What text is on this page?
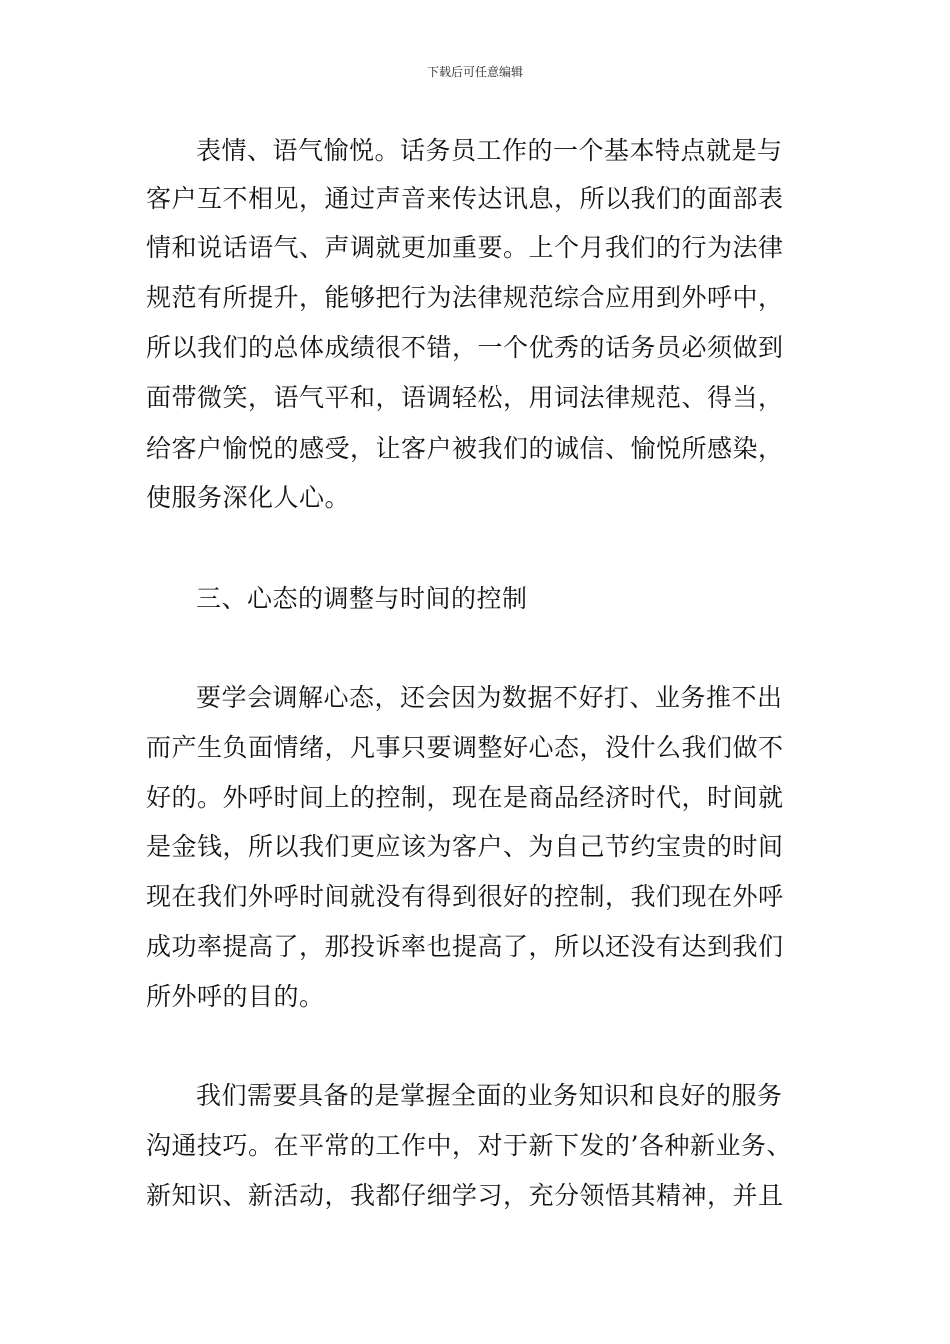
下载后可任意编辑
表情、语气愉悦。话务员工作的一个基本特点就是与
客户互不相见，通过声音来传达讯息，所以我们的面部表
情和说话语气、声调就更加重要。上个月我们的行为法律
规范有所提升，能够把行为法律规范综合应用到外呼中，
所以我们的总体成绩很不错，一个优秀的话务员必须做到
面带微笑，语气平和，语调轻松，用词法律规范、得当，
给客户愉悦的感受，让客户被我们的诚信、愉悦所感染，
使服务深化人心。
三、心态的调整与时间的控制
要学会调解心态，还会因为数据不好打、业务推不出
而产生负面情绪，凡事只要调整好心态，没什么我们做不
好的。外呼时间上的控制，现在是商品经济时代，时间就
是金钱，所以我们更应该为客户、为自己节约宝贵的时间
现在我们外呼时间就没有得到很好的控制，我们现在外呼
成功率提高了，那投诉率也提高了，所以还没有达到我们
所外呼的目的。
我们需要具备的是掌握全面的业务知识和良好的服务
沟通技巧。在平常的工作中，对于新下发的’各种新业务、
新知识、新活动，我都仔细学习，充分领悟其精神，并且
